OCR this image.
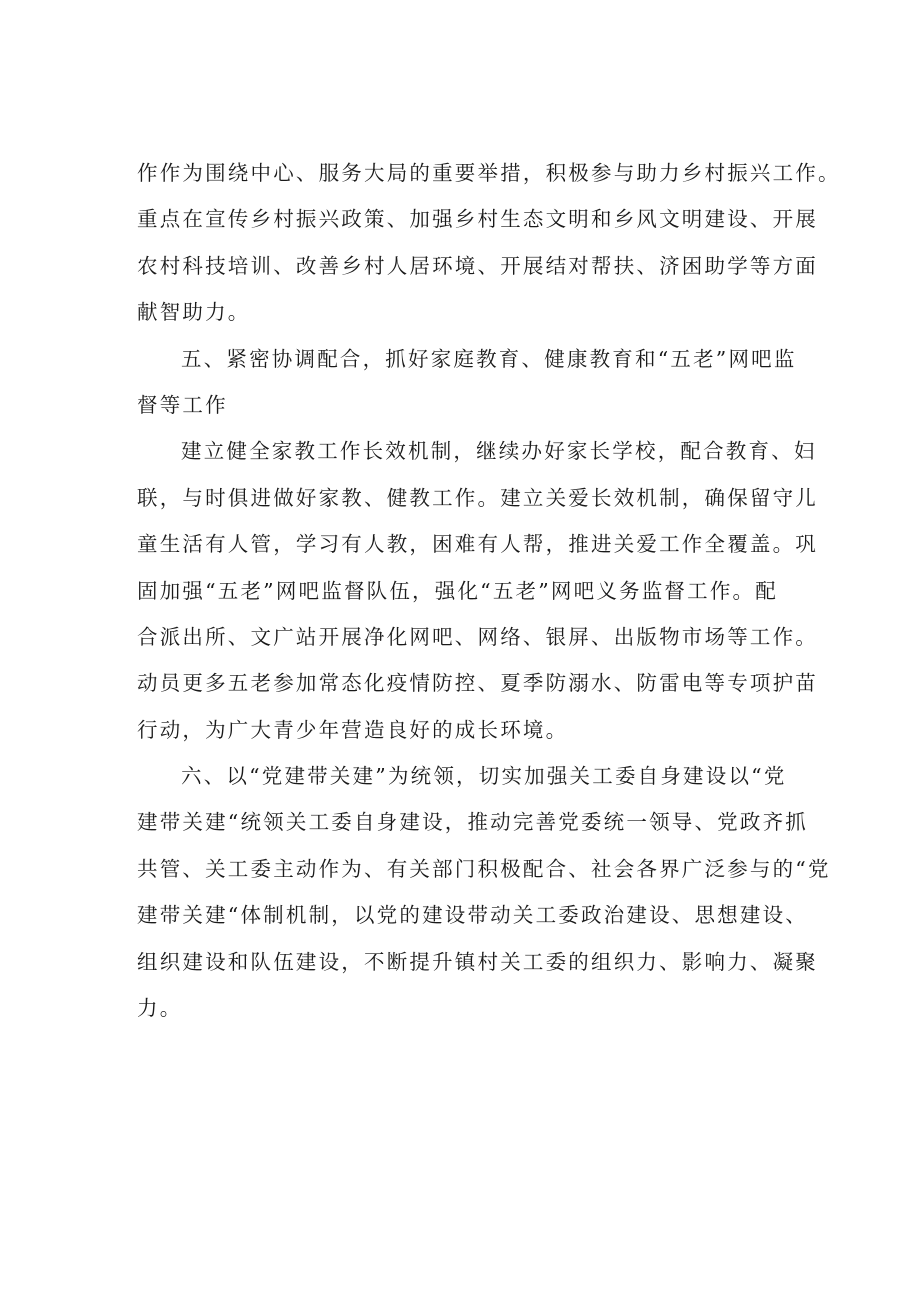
作作为围绕中心、服务大局的重要举措，积极参与助力乡村振兴工作。
重点在宣传乡村振兴政策、加强乡村生态文明和乡风文明建设、开展
农村科技培训、改善乡村人居环境、开展结对帮扶、济困助学等方面
献智助力。
五、紧密协调配合，抓好家庭教育、健康教育和“五老”网吧监
督等工作
建立健全家教工作长效机制，继续办好家长学校，配合教育、妇
联，与时俱进做好家教、健教工作。建立关爱长效机制，确保留守儿
童生活有人管，学习有人教，困难有人帮，推进关爱工作全覆盖。巩
固加强“五老”网吧监督队伍，强化“五老”网吧义务监督工作。配
合派出所、文广站开展净化网吧、网络、银屏、出版物市场等工作。
动员更多五老参加常态化疫情防控、夏季防溺水、防雷电等专项护苗
行动，为广大青少年营造良好的成长环境。
六、以“党建带关建”为统领，切实加强关工委自身建设以“党
建带关建“统领关工委自身建设，推动完善党委统一领导、党政齐抓
共管、关工委主动作为、有关部门积极配合、社会各界广泛参与的“党
建带关建“体制机制，以党的建设带动关工委政治建设、思想建设、
组织建设和队伍建设，不断提升镇村关工委的组织力、影响力、凝聚
力。
